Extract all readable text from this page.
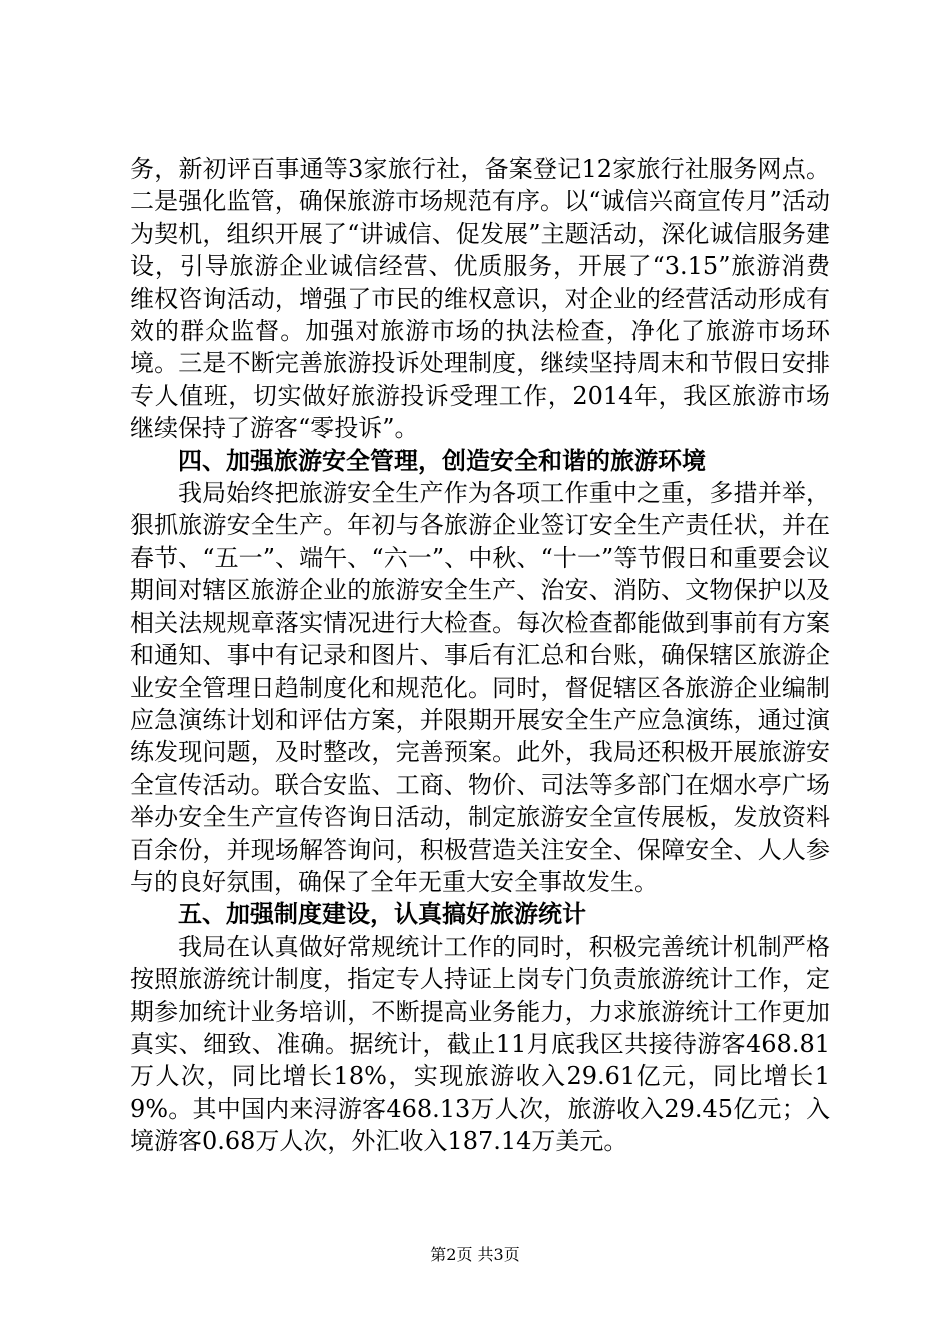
务，新初评百事通等3家旅行社，备案登记12家旅行社服务网点。二是强化监管，确保旅游市场规范有序。以“诚信兴商宣传月”活动为契机，组织开展了“讲诚信、促发展”主题活动，深化诚信服务建设，引导旅游企业诚信经营、优质服务，开展了“3.15”旅游消费维权咨询活动，增强了市民的维权意识，对企业的经营活动形成有效的群众监督。加强对旅游市场的执法检查，净化了旅游市场环境。三是不断完善旅游投诉处理制度，继续坚持周末和节假日安排专人值班，切实做好旅游投诉受理工作，2014年，我区旅游市场继续保持了游客“零投诉”。

四、加强旅游安全管理，创造安全和谐的旅游环境

我局始终把旅游安全生产作为各项工作重中之重，多措并举，狠抓旅游安全生产。年初与各旅游企业签订安全生产责任状，并在春节、“五一”、端午、“六一”、中秋、“十一”等节假日和重要会议期间对辖区旅游企业的旅游安全生产、治安、消防、文物保护以及相关法规规章落实情况进行大检查。每次检查都能做到事前有方案和通知、事中有记录和图片、事后有汇总和台账，确保辖区旅游企业安全管理日趋制度化和规范化。同时，督促辖区各旅游企业编制应急演练计划和评估方案，并限期开展安全生产应急演练，通过演练发现问题，及时整改，完善预案。此外，我局还积极开展旅游安全宣传活动。联合安监、工商、物价、司法等多部门在烟水亭广场举办安全生产宣传咨询日活动，制定旅游安全宣传展板，发放资料百余份，并现场解答询问，积极营造关注安全、保障安全、人人参与的良好氛围，确保了全年无重大安全事故发生。

五、加强制度建设，认真搞好旅游统计

我局在认真做好常规统计工作的同时，积极完善统计机制严格按照旅游统计制度，指定专人持证上岗专门负责旅游统计工作，定期参加统计业务培训，不断提高业务能力，力求旅游统计工作更加真实、细致、准确。据统计，截止11月底我区共接待游客468.81万人次，同比增长18%，实现旅游收入29.61亿元，同比增长19%。其中国内来浔游客468.13万人次，旅游收入29.45亿元；入境游客0.68万人次，外汇收入187.14万美元。

第2页 共3页
